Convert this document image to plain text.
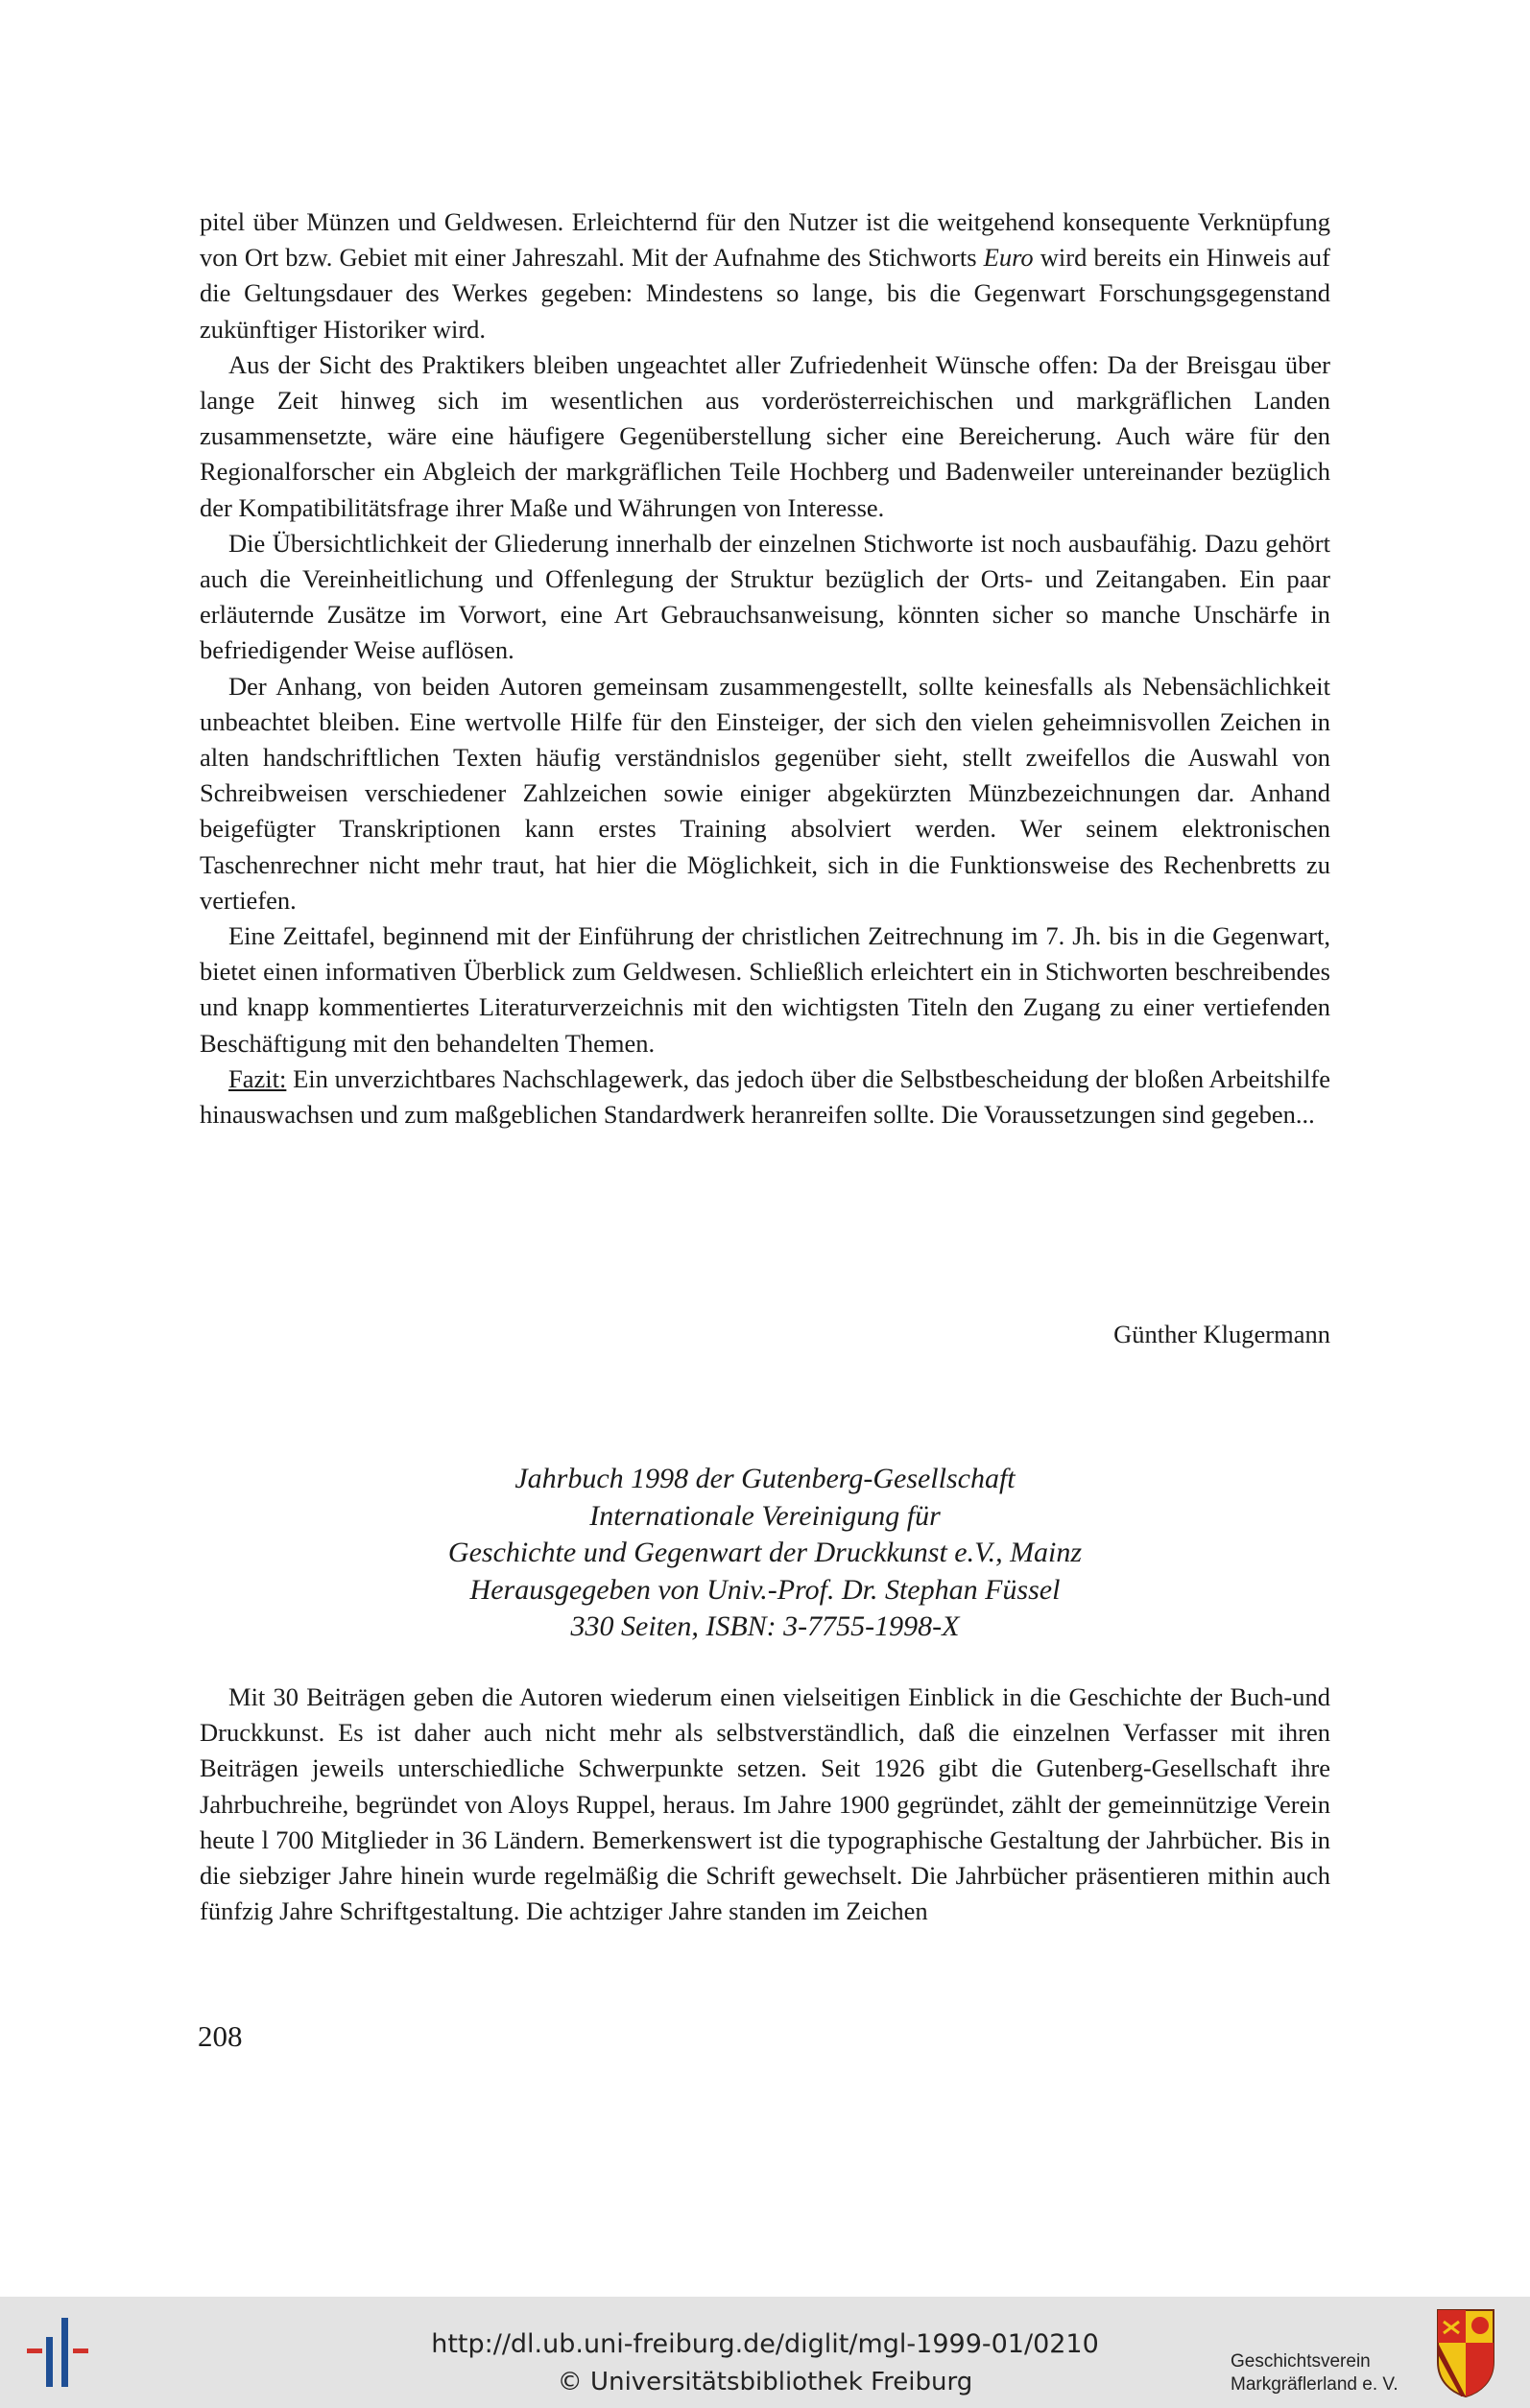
pitel über Münzen und Geldwesen. Erleichternd für den Nutzer ist die weitgehend konsequente Verknüpfung von Ort bzw. Gebiet mit einer Jahreszahl. Mit der Aufnahme des Stichworts Euro wird bereits ein Hinweis auf die Geltungsdauer des Werkes gegeben: Mindestens so lange, bis die Gegenwart Forschungsgegenstand zukünftiger Historiker wird.

Aus der Sicht des Praktikers bleiben ungeachtet aller Zufriedenheit Wünsche offen: Da der Breisgau über lange Zeit hinweg sich im wesentlichen aus vorderösterreichischen und markgräflichen Landen zusammensetzte, wäre eine häufigere Gegenüberstellung sicher eine Bereicherung. Auch wäre für den Regionalforscher ein Abgleich der markgräflichen Teile Hochberg und Badenweiler untereinander bezüglich der Kompatibilitätsfrage ihrer Maße und Währungen von Interesse.

Die Übersichtlichkeit der Gliederung innerhalb der einzelnen Stichworte ist noch ausbaufähig. Dazu gehört auch die Vereinheitlichung und Offenlegung der Struktur bezüglich der Orts- und Zeitangaben. Ein paar erläuternde Zusätze im Vorwort, eine Art Gebrauchsanweisung, könnten sicher so manche Unschärfe in befriedigender Weise auflösen.

Der Anhang, von beiden Autoren gemeinsam zusammengestellt, sollte keinesfalls als Nebensächlichkeit unbeachtet bleiben. Eine wertvolle Hilfe für den Einsteiger, der sich den vielen geheimnisvollen Zeichen in alten handschriftlichen Texten häufig verständnislos gegenüber sieht, stellt zweifellos die Auswahl von Schreibweisen verschiedener Zahlzeichen sowie einiger abgekürzten Münzbezeichnungen dar. Anhand beigefügter Transkriptionen kann erstes Training absolviert werden. Wer seinem elektronischen Taschenrechner nicht mehr traut, hat hier die Möglichkeit, sich in die Funktionsweise des Rechenbretts zu vertiefen.

Eine Zeittafel, beginnend mit der Einführung der christlichen Zeitrechnung im 7. Jh. bis in die Gegenwart, bietet einen informativen Überblick zum Geldwesen. Schließlich erleichtert ein in Stichworten beschreibendes und knapp kommentiertes Literaturverzeichnis mit den wichtigsten Titeln den Zugang zu einer vertiefenden Beschäftigung mit den behandelten Themen.

Fazit: Ein unverzichtbares Nachschlagewerk, das jedoch über die Selbstbescheidung der bloßen Arbeitshilfe hinauswachsen und zum maßgeblichen Standardwerk heranreifen sollte. Die Voraussetzungen sind gegeben...

Günther Klugermann
Jahrbuch 1998 der Gutenberg-Gesellschaft
Internationale Vereinigung für
Geschichte und Gegenwart der Druckkunst e.V., Mainz
Herausgegeben von Univ.-Prof. Dr. Stephan Füssel
330 Seiten, ISBN: 3-7755-1998-X

Mit 30 Beiträgen geben die Autoren wiederum einen vielseitigen Einblick in die Geschichte der Buch-und Druckkunst. Es ist daher auch nicht mehr als selbstverständlich, daß die einzelnen Verfasser mit ihren Beiträgen jeweils unterschiedliche Schwerpunkte setzen. Seit 1926 gibt die Gutenberg-Gesellschaft ihre Jahrbuchreihe, begründet von Aloys Ruppel, heraus. Im Jahre 1900 gegründet, zählt der gemeinnützige Verein heute l 700 Mitglieder in 36 Ländern. Bemerkenswert ist die typographische Gestaltung der Jahrbücher. Bis in die siebziger Jahre hinein wurde regelmäßig die Schrift gewechselt. Die Jahrbücher präsentieren mithin auch fünfzig Jahre Schriftgestaltung. Die achtziger Jahre standen im Zeichen

208
http://dl.ub.uni-freiburg.de/diglit/mgl-1999-01/0210
© Universitätsbibliothek Freiburg
Geschichtsverein
Markgräflerland e. V.
